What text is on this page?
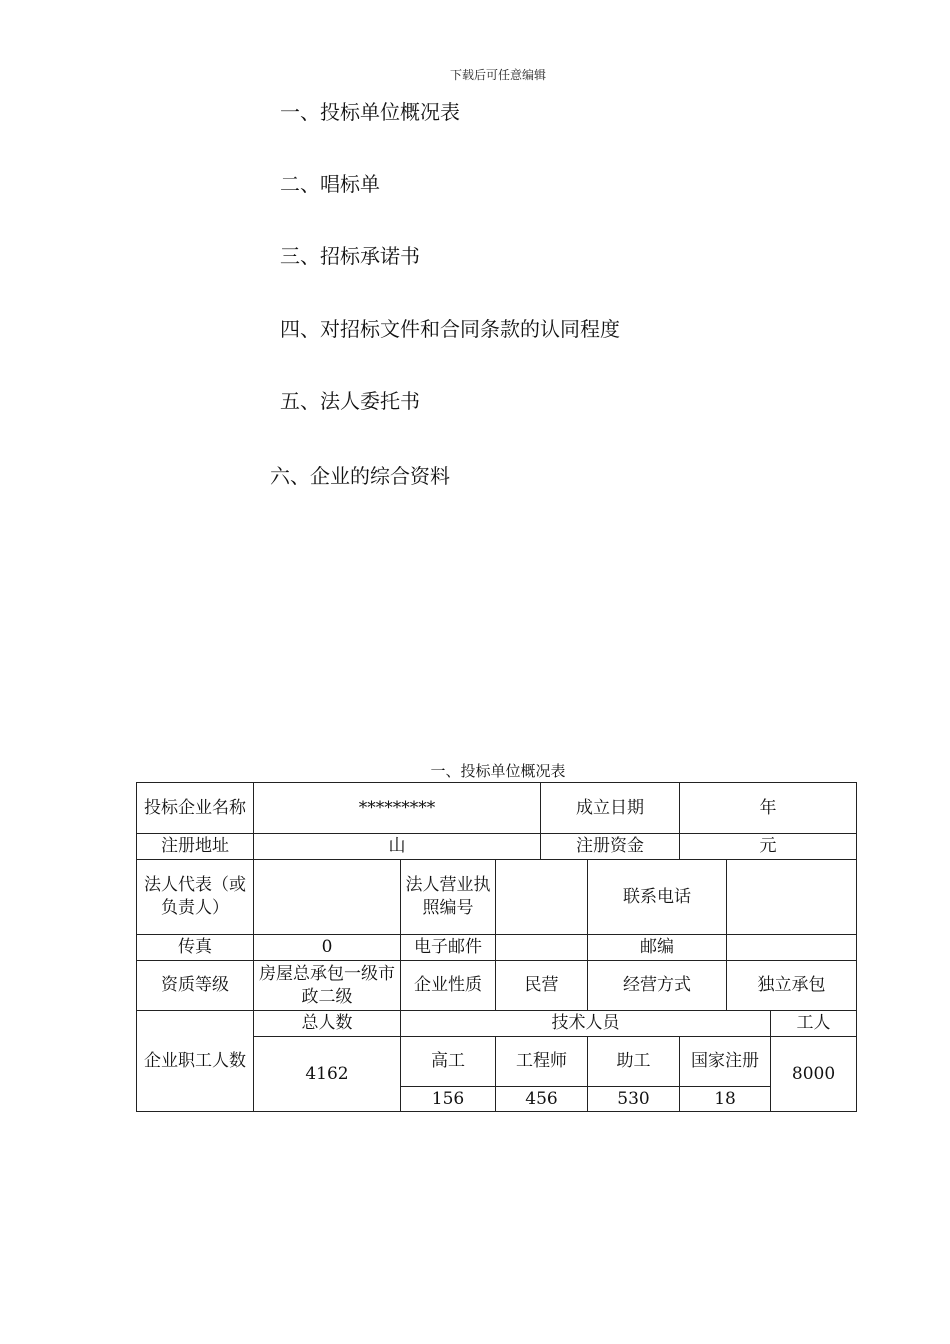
下载后可任意编辑
一、投标单位概况表
二、唱标单
三、招标承诺书
四、对招标文件和合同条款的认同程度
五、法人委托书
六、企业的综合资料
一、投标单位概况表
投标企业名称	*********			成立日期		年		
注册地址	山			注册资金		元		
法人代表（或负责人）		法人营业执照编号			联系电话			
传真	0	电子邮件			邮编			
资质等级	房屋总承包一级市政二级	企业性质	民营		经营方式		独立承包	
企业职工人数	总人数	技术人员						工人
	4162	高工	工程师		助工	国家注册		8000
		156	456		530	18		
